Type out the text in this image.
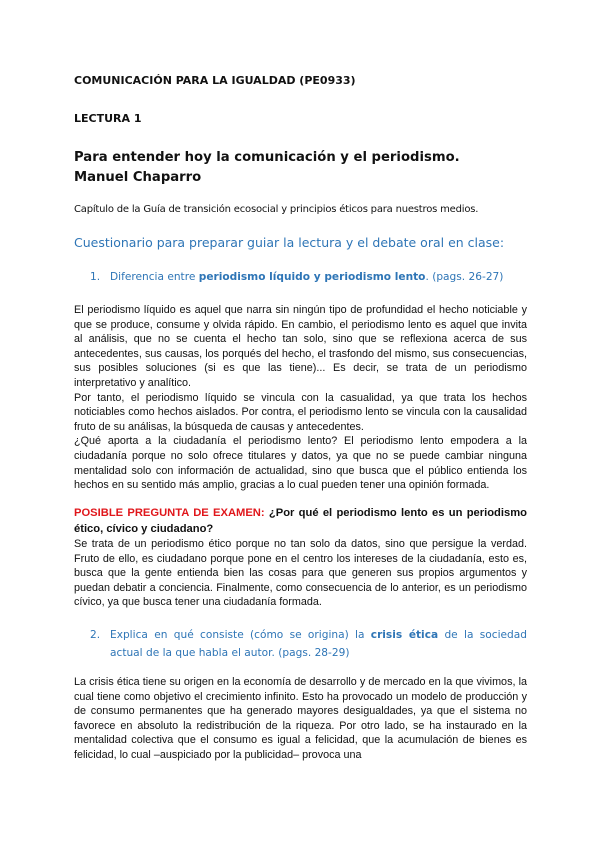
COMUNICACIÓN PARA LA IGUALDAD (PE0933)
LECTURA 1
Para entender hoy la comunicación y el periodismo.
Manuel Chaparro
Capítulo de la Guía de transición ecosocial y principios éticos para nuestros medios.
Cuestionario para preparar guiar la lectura y el debate oral en clase:
1. Diferencia entre periodismo líquido y periodismo lento. (pags. 26-27)

El periodismo líquido es aquel que narra sin ningún tipo de profundidad el hecho noticiable y que se produce, consume y olvida rápido. En cambio, el periodismo lento es aquel que invita al análisis, que no se cuenta el hecho tan solo, sino que se reflexiona acerca de sus antecedentes, sus causas, los porqués del hecho, el trasfondo del mismo, sus consecuencias, sus posibles soluciones (si es que las tiene)... Es decir, se trata de un periodismo interpretativo y analítico.

Por tanto, el periodismo líquido se vincula con la casualidad, ya que trata los hechos noticiables como hechos aislados. Por contra, el periodismo lento se vincula con la causalidad fruto de su análisas, la búsqueda de causas y antecedentes.

¿Qué aporta a la ciudadanía el periodismo lento? El periodismo lento empodera a la ciudadanía porque no solo ofrece titulares y datos, ya que no se puede cambiar ninguna mentalidad solo con información de actualidad, sino que busca que el público entienda los hechos en su sentido más amplio, gracias a lo cual pueden tener una opinión formada.

POSIBLE PREGUNTA DE EXAMEN: ¿Por qué el periodismo lento es un periodismo ético, cívico y ciudadano?
Se trata de un periodismo ético porque no tan solo da datos, sino que persigue la verdad. Fruto de ello, es ciudadano porque pone en el centro los intereses de la ciudadanía, esto es, busca que la gente entienda bien las cosas para que generen sus propios argumentos y puedan debatir a conciencia. Finalmente, como consecuencia de lo anterior, es un periodismo cívico, ya que busca tener una ciudadanía formada.
2. Explica en qué consiste (cómo se origina) la crisis ética de la sociedad actual de la que habla el autor. (pags. 28-29)
La crisis ética tiene su origen en la economía de desarrollo y de mercado en la que vivimos, la cual tiene como objetivo el crecimiento infinito. Esto ha provocado un modelo de producción y de consumo permanentes que ha generado mayores desigualdades, ya que el sistema no favorece en absoluto la redistribución de la riqueza. Por otro lado, se ha instaurado en la mentalidad colectiva que el consumo es igual a felicidad, que la acumulación de bienes es felicidad, lo cual –auspiciado por la publicidad– provoca una
